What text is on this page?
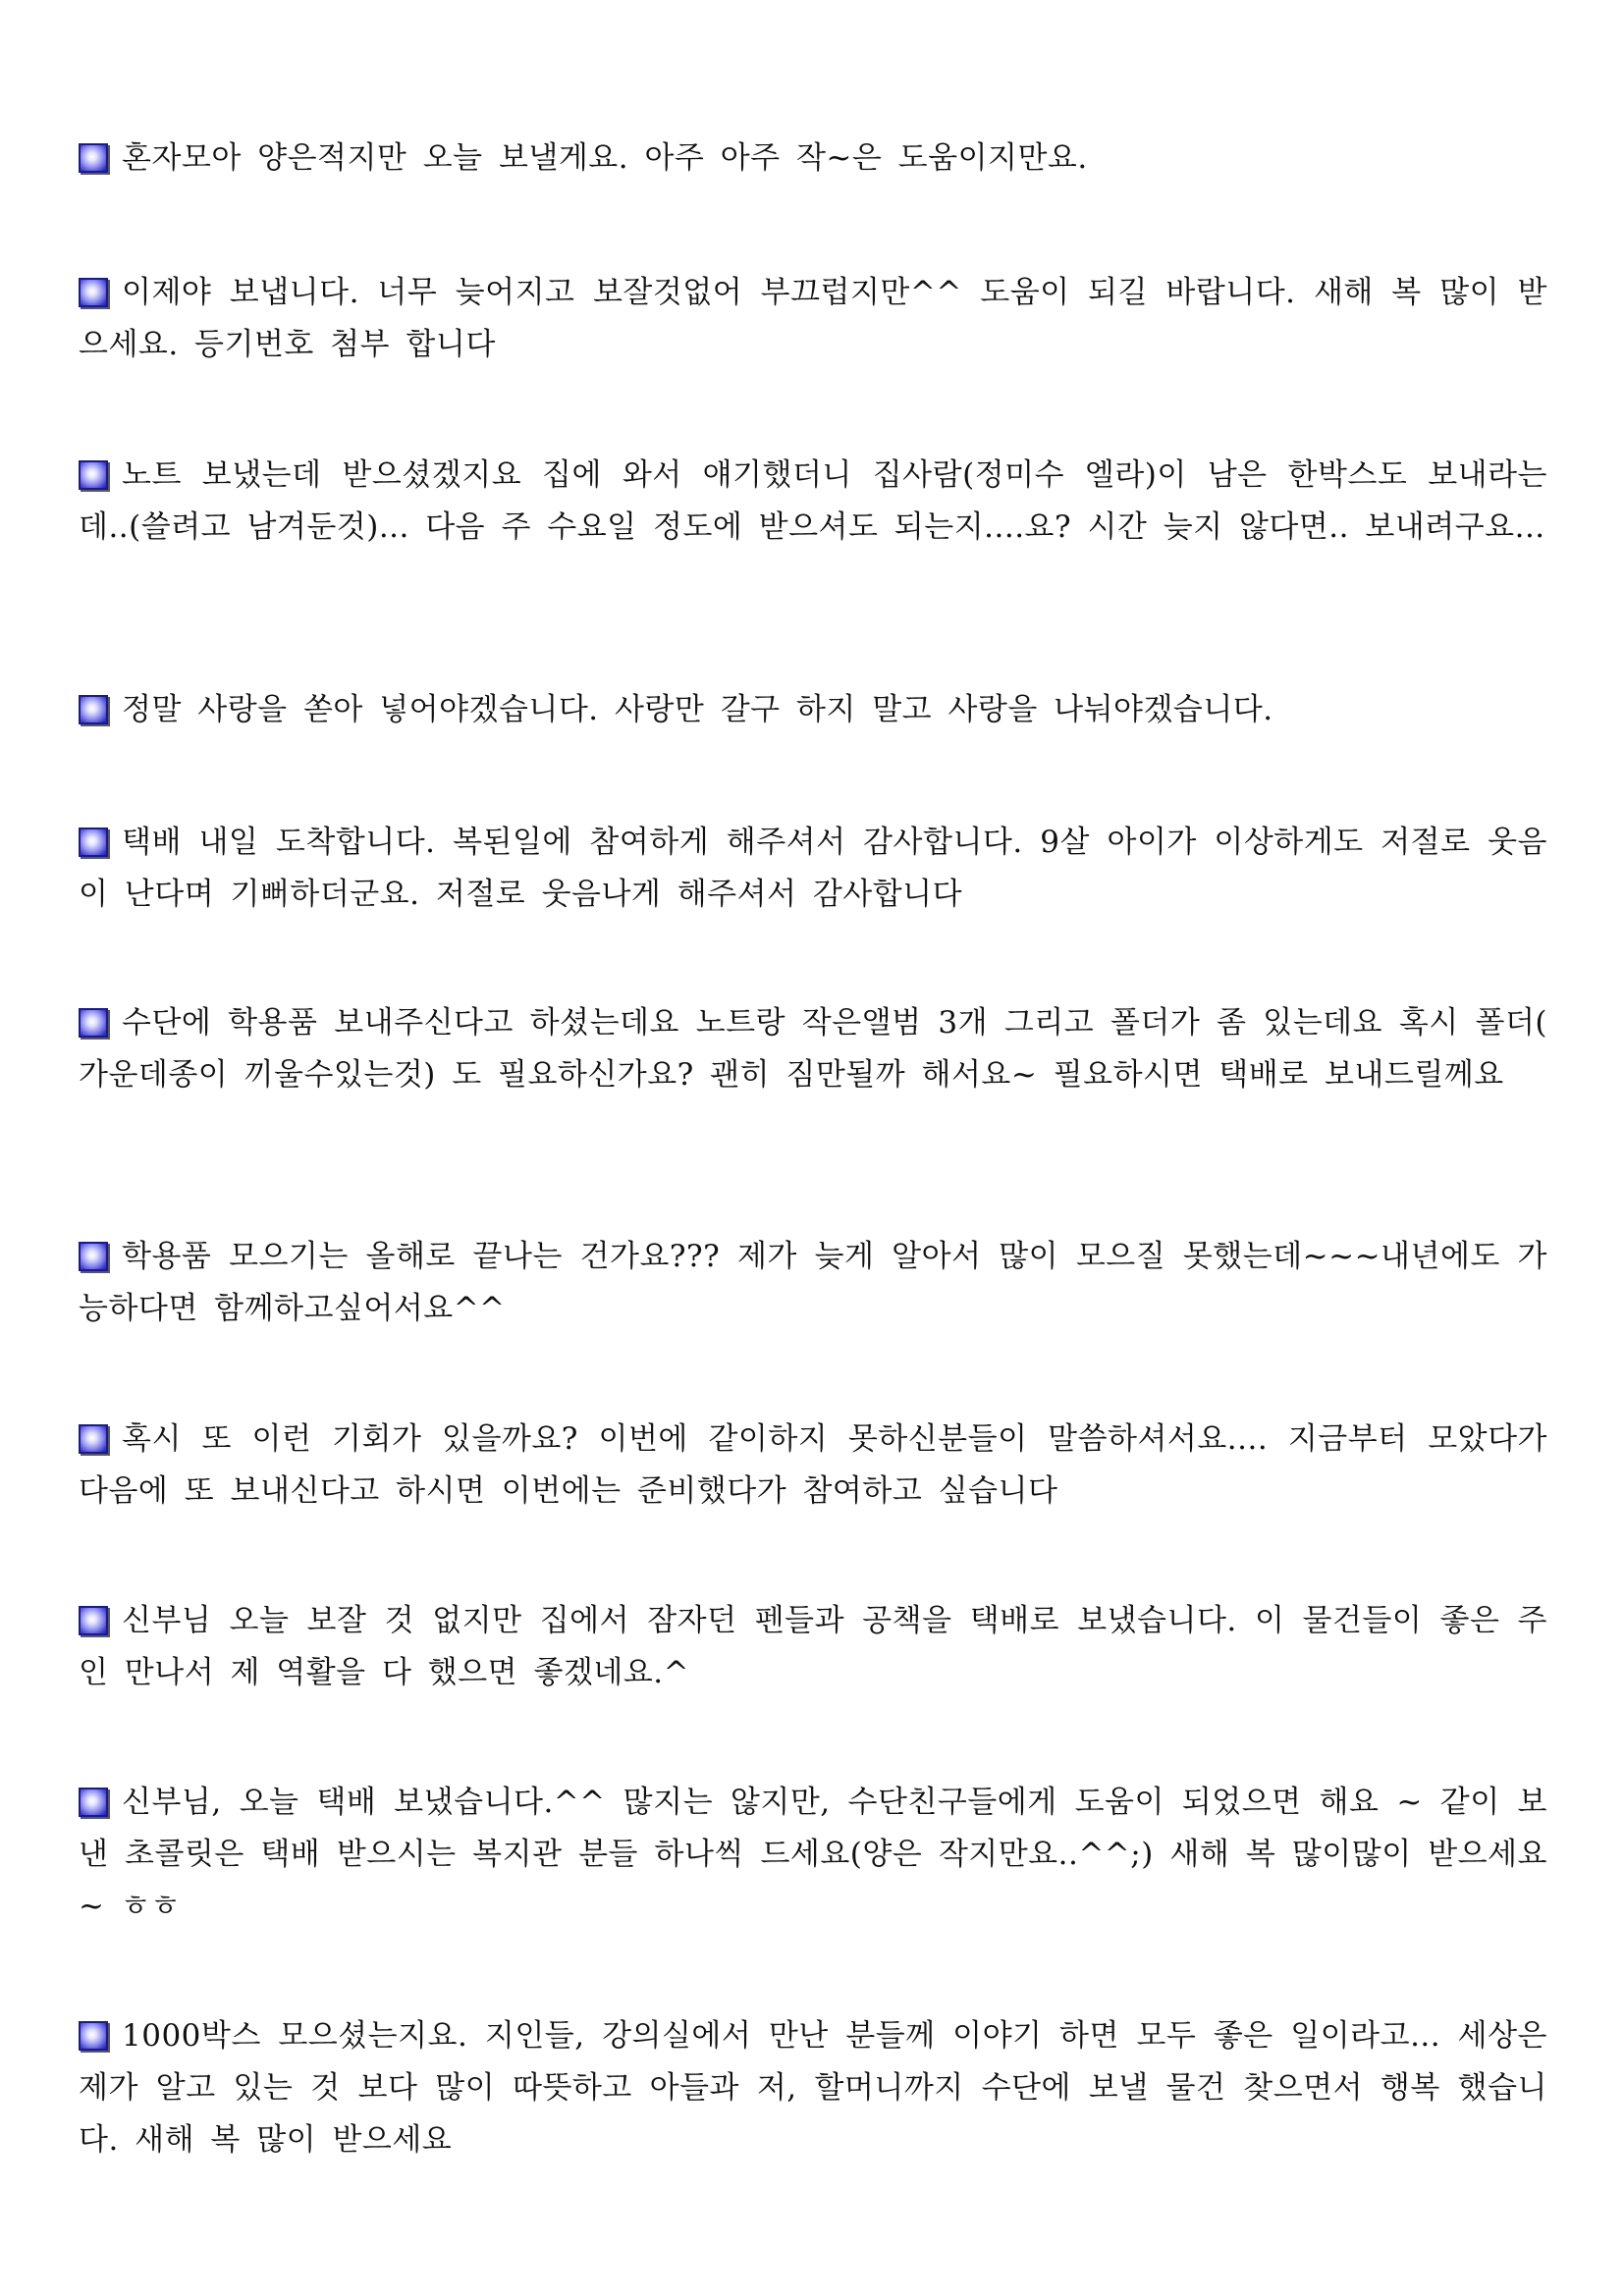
혼자모아 양은적지만 오늘 보낼게요. 아주 아주 작~은 도움이지만요.

이제야 보냅니다. 너무 늦어지고 보잘것없어 부끄럽지만^^ 도움이 되길 바랍니다. 새해 복 많이 받으세요. 등기번호 첨부 합니다

노트 보냈는데 받으셨겠지요 집에 와서 얘기했더니 집사람(정미수 엘라)이 남은 한박스도 보내라는데..(쓸려고 남겨둔것)... 다음 주 수요일 정도에 받으셔도 되는지....요? 시간 늦지 않다면.. 보내려구요...

정말 사랑을 쏟아 넣어야겠습니다. 사랑만 갈구 하지 말고 사랑을 나눠야겠습니다.

택배 내일 도착합니다. 복된일에 참여하게 해주셔서 감사합니다. 9살 아이가 이상하게도 저절로 웃음이 난다며 기뻐하더군요. 저절로 웃음나게 해주셔서 감사합니다

수단에 학용품 보내주신다고 하셨는데요 노트랑 작은앨범 3개 그리고 폴더가 좀 있는데요 혹시 폴더( 가운데종이 끼울수있는것) 도 필요하신가요? 괜히 짐만될까 해서요~ 필요하시면 택배로 보내드릴께요

학용품 모으기는 올해로 끝나는 건가요??? 제가 늦게 알아서 많이 모으질 못했는데~~~내년에도 가능하다면 함께하고싶어서요^^

혹시 또 이런 기회가 있을까요? 이번에 같이하지 못하신분들이 말씀하셔서요.... 지금부터 모았다가 다음에 또 보내신다고 하시면 이번에는 준비했다가 참여하고 싶습니다

신부님 오늘 보잘 것 없지만 집에서 잠자던 펜들과 공책을 택배로 보냈습니다. 이 물건들이 좋은 주인 만나서 제 역활을 다 했으면 좋겠네요.^

신부님, 오늘 택배 보냈습니다.^^ 많지는 않지만, 수단친구들에게 도움이 되었으면 해요 ~ 같이 보낸 초콜릿은 택배 받으시는 복지관 분들 하나씩 드세요(양은 작지만요..^^;) 새해 복 많이많이 받으세요 ~ ㅎㅎ

1000박스 모으셨는지요. 지인들, 강의실에서 만난 분들께 이야기 하면 모두 좋은 일이라고... 세상은 제가 알고 있는 것 보다 많이 따뜻하고 아들과 저, 할머니까지 수단에 보낼 물건 찾으면서 행복 했습니다. 새해 복 많이 받으세요
